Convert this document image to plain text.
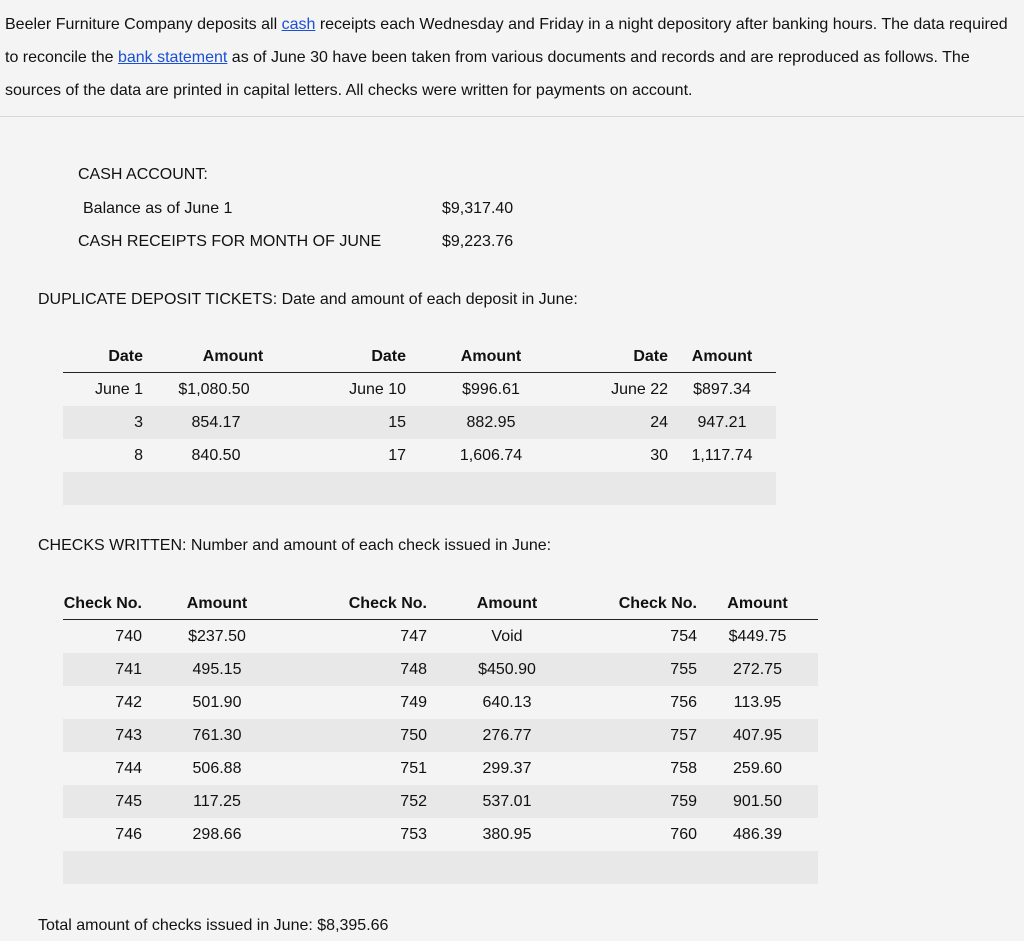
Beeler Furniture Company deposits all cash receipts each Wednesday and Friday in a night depository after banking hours. The data required to reconcile the bank statement as of June 30 have been taken from various documents and records and are reproduced as follows. The sources of the data are printed in capital letters. All checks were written for payments on account.
CASH ACCOUNT:
Balance as of June 1	$9,317.40
CASH RECEIPTS FOR MONTH OF JUNE	$9,223.76
DUPLICATE DEPOSIT TICKETS: Date and amount of each deposit in June:
Date	Amount	Date	Amount	Date	Amount
June 1	$1,080.50	June 10	$996.61	June 22	$897.34
3	854.17	15	882.95	24	947.21
8	840.50	17	1,606.74	30	1,117.74

CHECKS WRITTEN: Number and amount of each check issued in June:
Check No.	Amount	Check No.	Amount	Check No.	Amount
740	$237.50	747	Void	754	$449.75
741	495.15	748	$450.90	755	272.75
742	501.90	749	640.13	756	113.95
743	761.30	750	276.77	757	407.95
744	506.88	751	299.37	758	259.60
745	117.25	752	537.01	759	901.50
746	298.66	753	380.95	760	486.39

Total amount of checks issued in June: $8,395.66
